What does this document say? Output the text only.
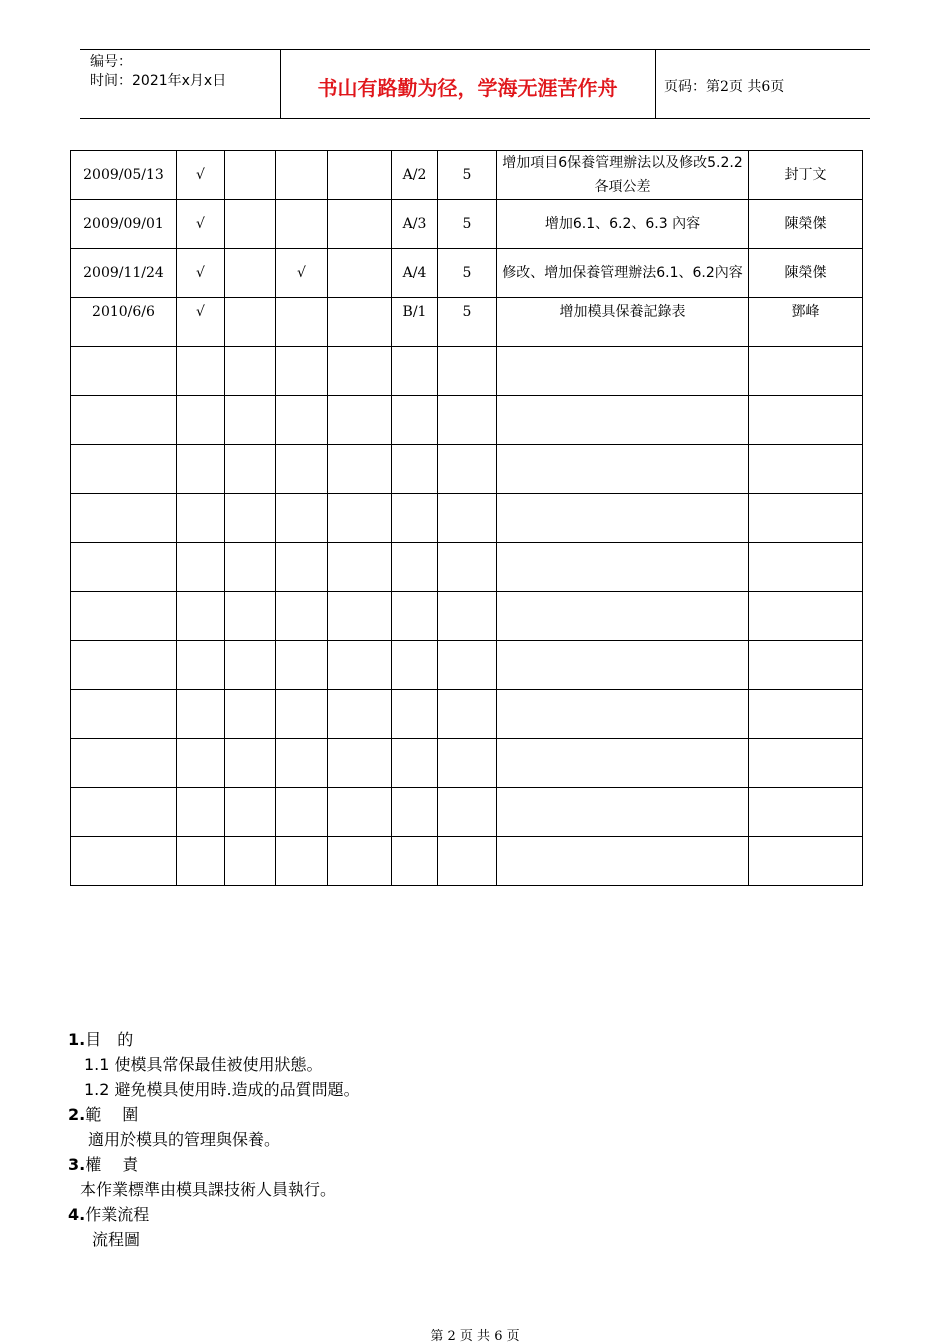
编号：
时间：2021年x月x日	书山有路勤为径，学海无涯苦作舟	页码：第2页 共6页
2009/05/13	√				A/2	5	增加項目6保養管理辦法以及修改5.2.2各項公差	封丁文
2009/09/01	√				A/3	5	增加6.1、6.2、6.3 內容	陳榮傑
2009/11/24	√		√		A/4	5	修改、增加保養管理辦法6.1、6.2內容	陳榮傑
2010/6/6	√				B/1	5	增加模具保養記錄表	鄧峰

1.目　的
1.1 使模具常保最佳被使用狀態。
1.2 避免模具使用時.造成的品質問題。
2.範　 圍
適用於模具的管理與保養。
3.權　 責
本作業標準由模具課技術人員執行。
4.作業流程
流程圖
第 2 页 共 6 页
